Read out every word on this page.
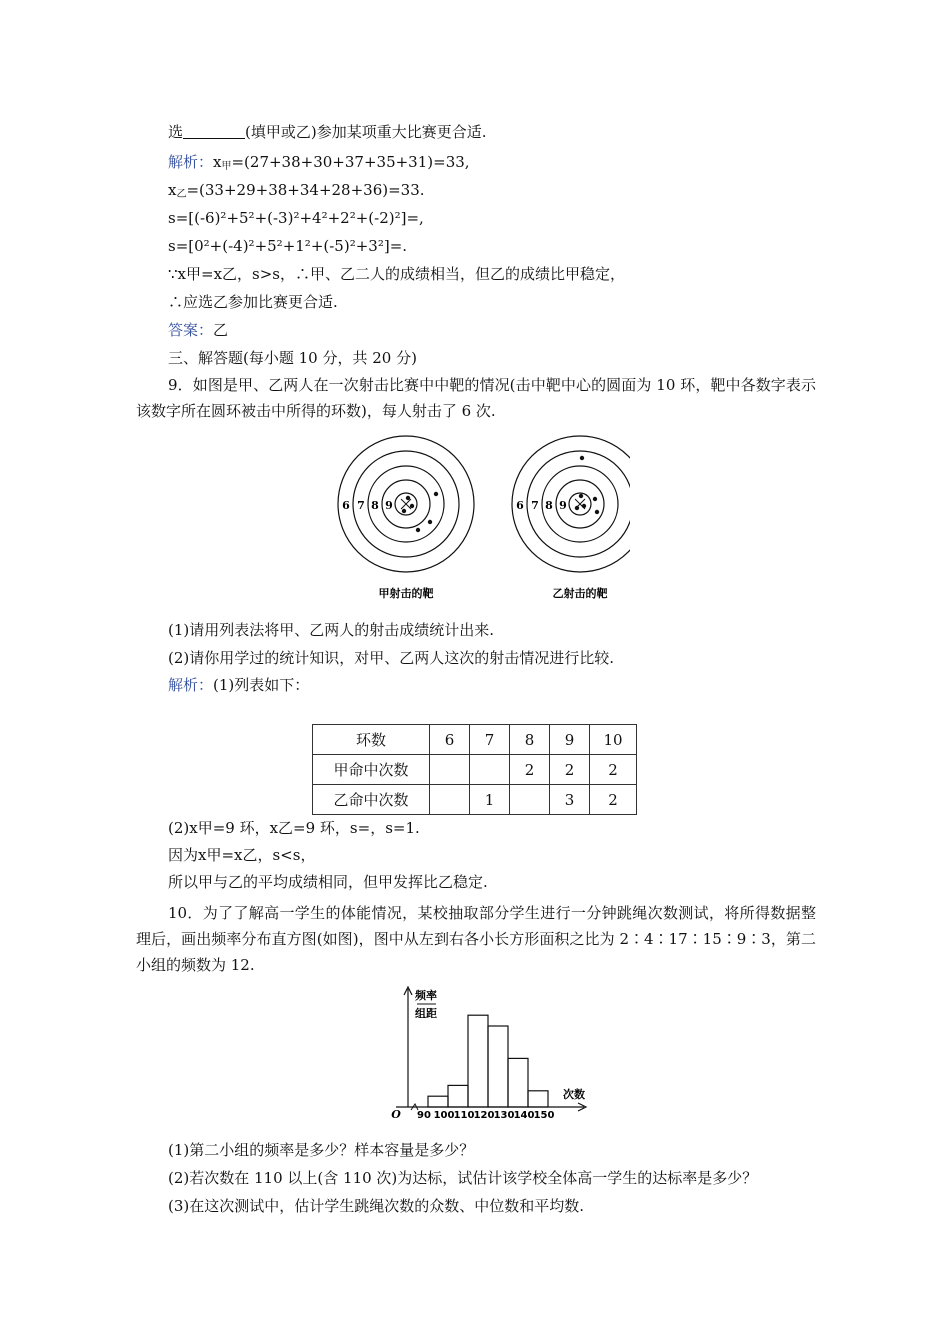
选	(填甲或乙)参加某项重大比赛更合适.
解析：$x_甲=(27+38+30+37+35+31)=33$,
$x_乙=(33+29+38+34+28+36)=33$.
s=[(-6)²+5²+(-3)²+4²+2²+(-2)²]=,
s=[0²+(-4)²+5²+1²+(-5)²+3²]=.
∵x甲=x乙，s>s，∴甲、乙二人的成绩相当，但乙的成绩比甲稳定，
∴应选乙参加比赛更合适.
答案：乙
三、解答题(每小题 10 分，共 20 分)
9．如图是甲、乙两人在一次射击比赛中中靶的情况(击中靶中心的圆面为 10 环，靶中各数字表示该数字所在圆环被击中所得的环数)，每人射击了 6 次.
6 7 8 9	6 7 8 9
甲射击的靶	乙射击的靶
(1)请用列表法将甲、乙两人的射击成绩统计出来.
(2)请你用学过的统计知识，对甲、乙两人这次的射击情况进行比较.
解析：(1)列表如下：
环数	6	7	8	9	10
甲命中次数			2	2	2
乙命中次数		1		3	2
(2)x甲=9 环，x乙=9 环，s=，s=1.
因为x甲=x乙，s<s，
所以甲与乙的平均成绩相同，但甲发挥比乙稳定.
10．为了了解高一学生的体能情况，某校抽取部分学生进行一分钟跳绳次数测试，将所得数据整理后，画出频率分布直方图(如图)，图中从左到右各小长方形面积之比为 2∶4∶17∶15∶9∶3，第二小组的频数为 12.
O
频率
组距
次数
90 100 110 120 130 140 150
(1)第二小组的频率是多少？样本容量是多少？
(2)若次数在 110 以上(含 110 次)为达标，试估计该学校全体高一学生的达标率是多少？
(3)在这次测试中，估计学生跳绳次数的众数、中位数和平均数.
